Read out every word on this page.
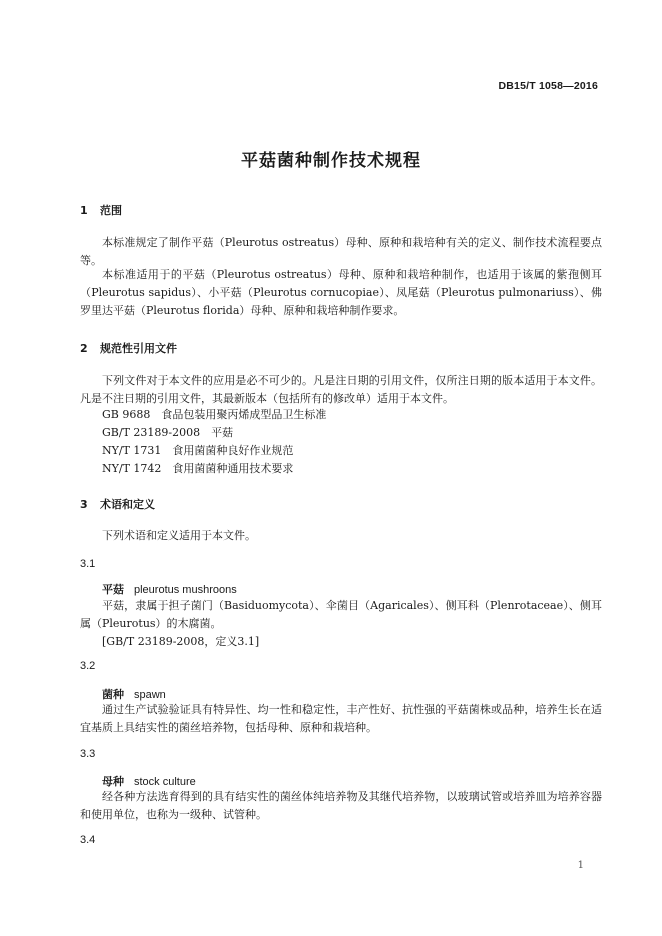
DB15/T 1058—2016
平菇菌种制作技术规程
1 范围
本标准规定了制作平菇（Pleurotus ostreatus）母种、原种和栽培种有关的定义、制作技术流程要点等。
本标准适用于的平菇（Pleurotus ostreatus）母种、原种和栽培种制作，也适用于该属的紫孢侧耳（Pleurotus sapidus）、小平菇（Pleurotus cornucopiae）、凤尾菇（Pleurotus pulmonariuss）、佛罗里达平菇（Pleurotus florida）母种、原种和栽培种制作要求。
2 规范性引用文件
下列文件对于本文件的应用是必不可少的。凡是注日期的引用文件，仅所注日期的版本适用于本文件。凡是不注日期的引用文件，其最新版本（包括所有的修改单）适用于本文件。
GB 9688　食品包装用聚丙烯成型品卫生标准
GB/T 23189-2008　平菇
NY/T 1731　食用菌菌种良好作业规范
NY/T 1742　食用菌菌种通用技术要求
3 术语和定义
下列术语和定义适用于本文件。
3.1
平菇 pleurotus mushroons
平菇，隶属于担子菌门（Basiduomycota）、伞菌目（Agaricales）、侧耳科（Plenrotaceae）、侧耳属（Pleurotus）的木腐菌。
[GB/T 23189-2008，定义3.1]
3.2
菌种 spawn
通过生产试验验证具有特异性、均一性和稳定性，丰产性好、抗性强的平菇菌株或品种，培养生长在适宜基质上具结实性的菌丝培养物，包括母种、原种和栽培种。
3.3
母种 stock culture
经各种方法选育得到的具有结实性的菌丝体纯培养物及其继代培养物，以玻璃试管或培养皿为培养容器和使用单位，也称为一级种、试管种。
3.4
1
